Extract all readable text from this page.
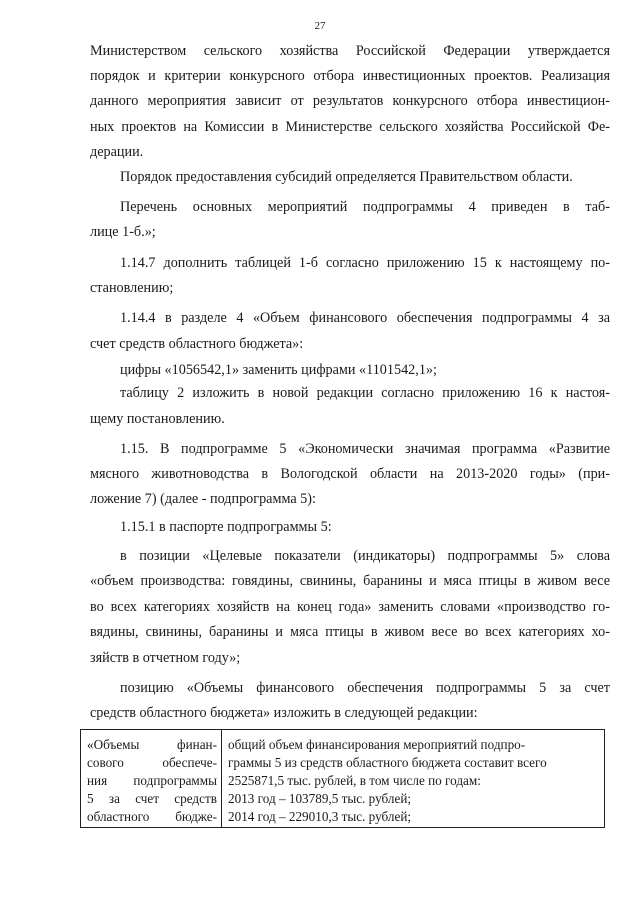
27
Министерством сельского хозяйства Российской Федерации утверждается
порядок и критерии конкурсного отбора инвестиционных проектов. Реализация
данного мероприятия зависит от результатов конкурсного отбора инвестицион-
ных проектов на Комиссии в Министерстве сельского хозяйства Российской Фе-
дерации.
Порядок предоставления субсидий определяется Правительством области.
Перечень основных мероприятий подпрограммы 4 приведен в таб-
лице 1-б.»;
1.14.7 дополнить таблицей 1-б согласно приложению 15 к настоящему по-
становлению;
1.14.4 в разделе 4 «Объем финансового обеспечения подпрограммы 4 за
счет средств областного бюджета»:
цифры «1056542,1» заменить цифрами «1101542,1»;
таблицу 2 изложить в новой редакции согласно приложению 16 к настоя-
щему постановлению.
1.15. В подпрограмме 5 «Экономически значимая программа «Развитие
мясного животноводства в Вологодской области на 2013-2020 годы» (при-
ложение 7) (далее - подпрограмма 5):
1.15.1 в паспорте подпрограммы 5:
в позиции «Целевые показатели (индикаторы) подпрограммы 5» слова
«объем производства: говядины, свинины, баранины и мяса птицы в живом весе
во всех категориях хозяйств на конец года» заменить словами «производство го-
вядины, свинины, баранины и мяса птицы в живом весе во всех категориях хо-
зяйств в отчетном году»;
позицию «Объемы финансового обеспечения подпрограммы 5 за счет
средств областного бюджета» изложить в следующей редакции:
«Объемы финан-
сового обеспече-
ния подпрограммы
5 за счет средств
областного бюдже-
общий объем финансирования мероприятий подпро-
граммы 5 из средств областного бюджета составит всего
2525871,5 тыс. рублей, в том числе по годам:
2013 год – 103789,5 тыс. рублей;
2014 год – 229010,3 тыс. рублей;
